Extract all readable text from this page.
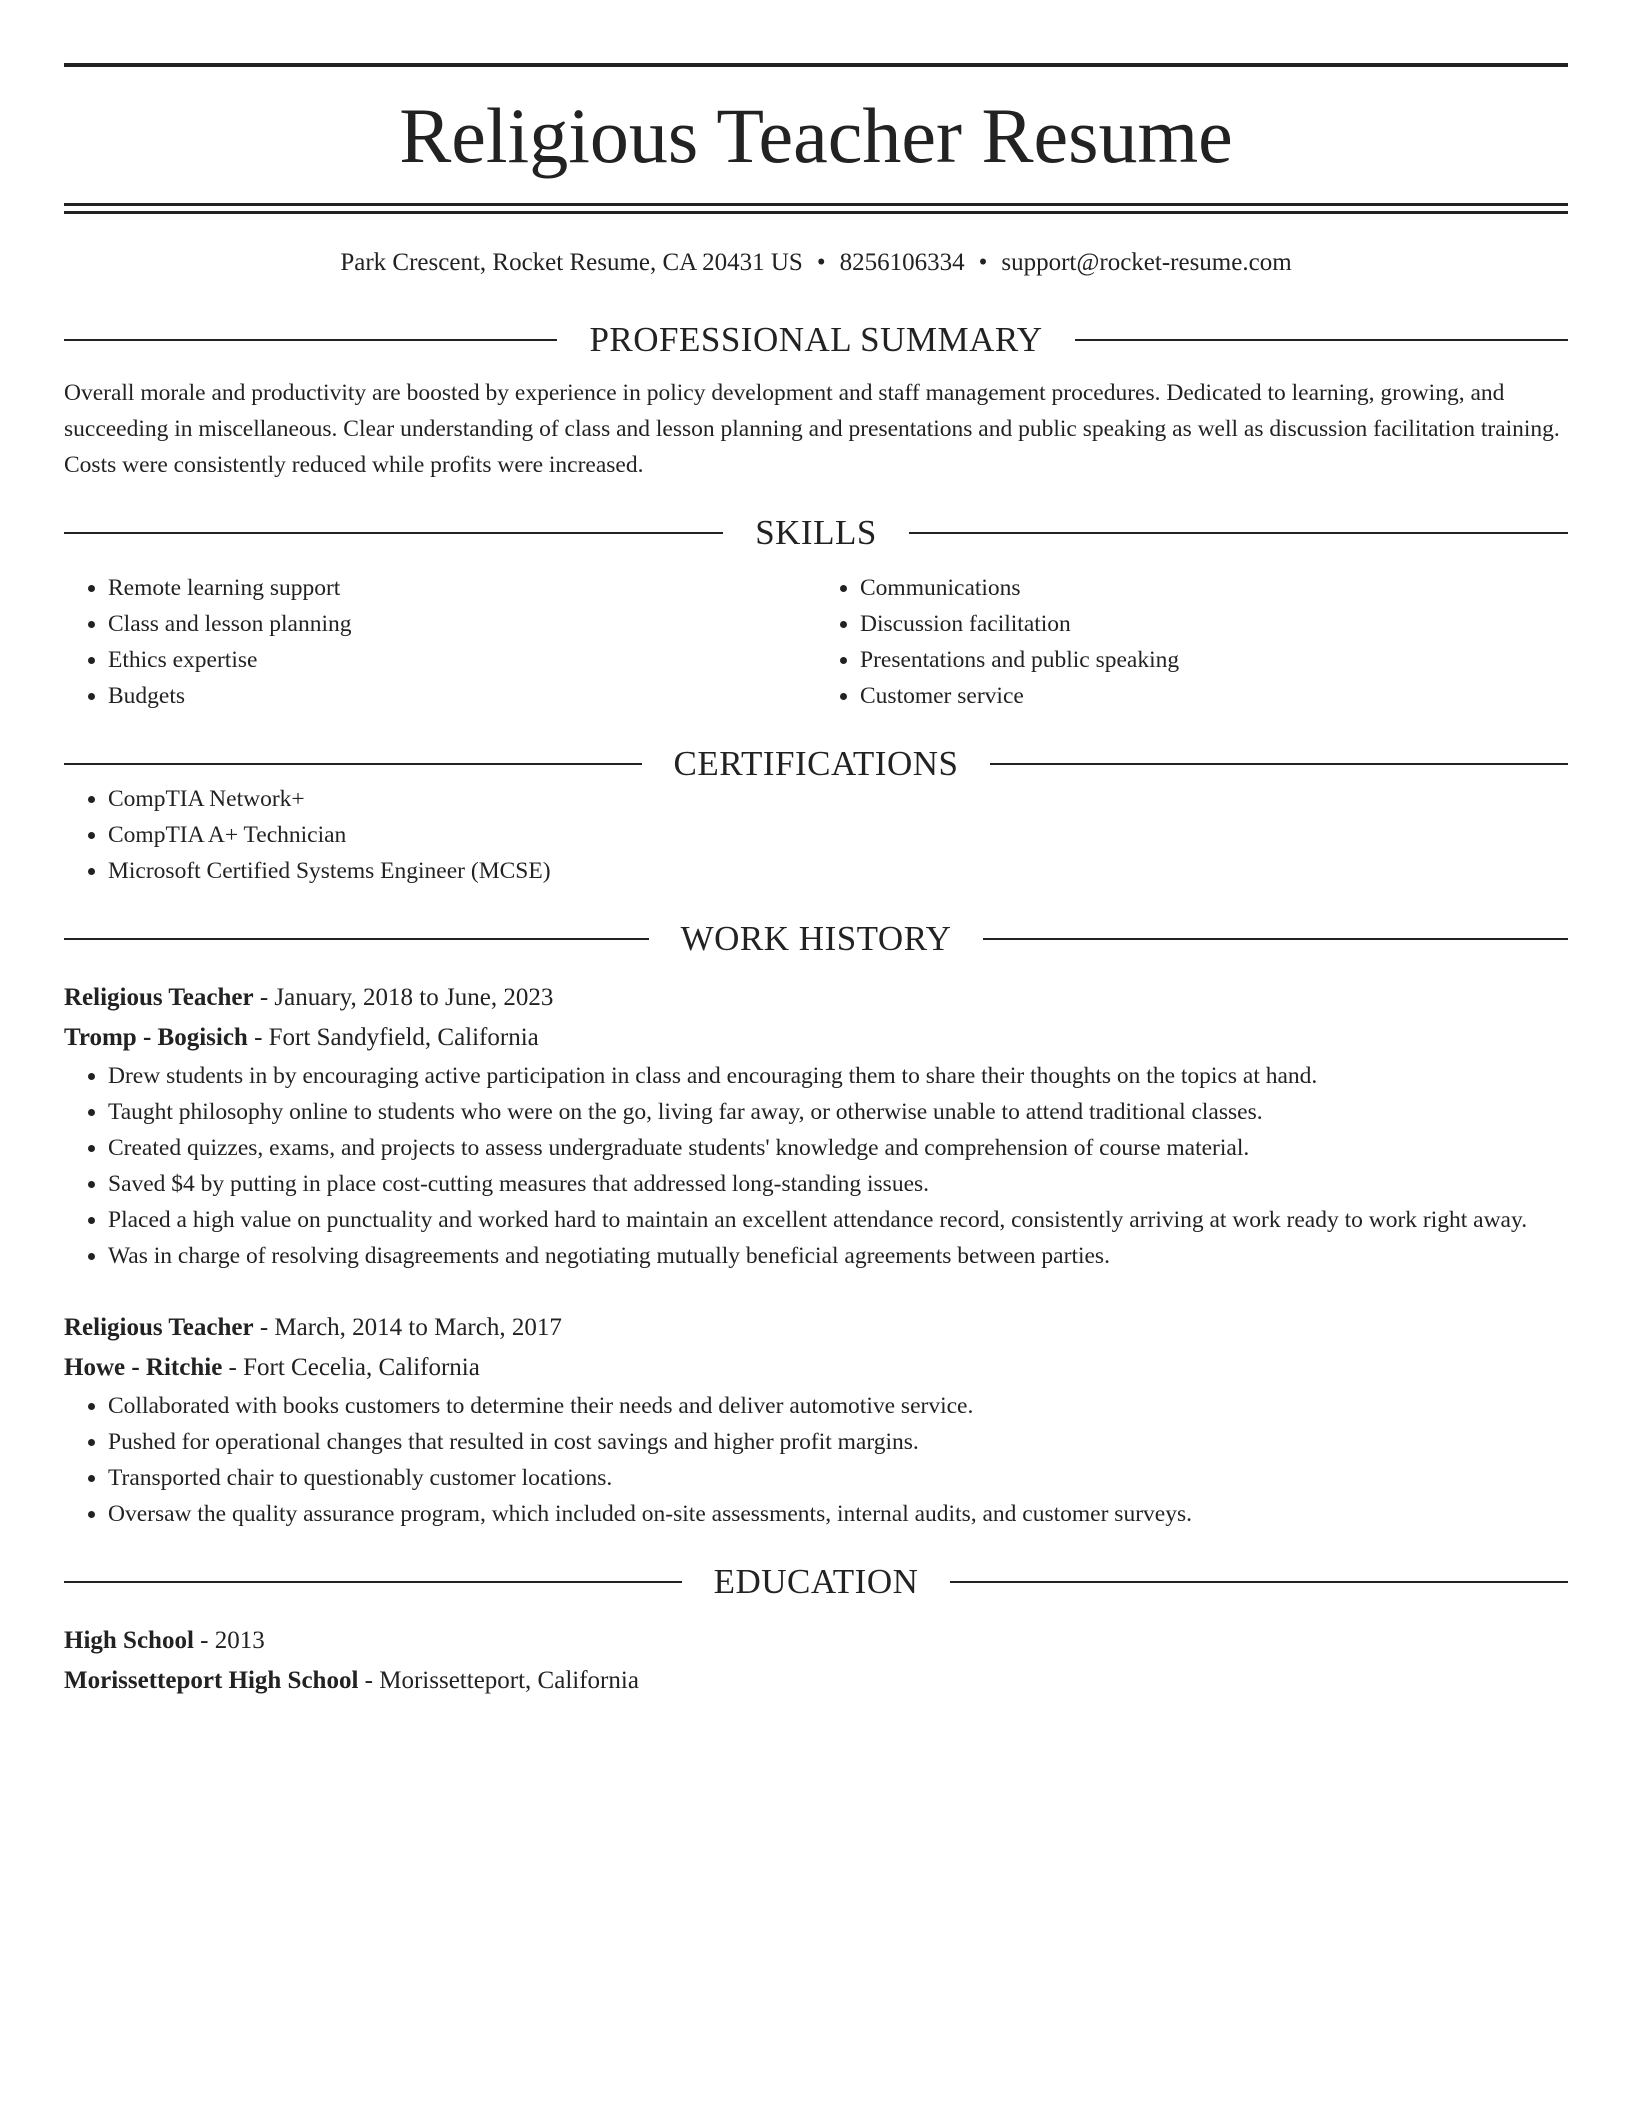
Religious Teacher Resume
Park Crescent, Rocket Resume, CA 20431 US • 8256106334 • support@rocket-resume.com
PROFESSIONAL SUMMARY
Overall morale and productivity are boosted by experience in policy development and staff management procedures. Dedicated to learning, growing, and succeeding in miscellaneous. Clear understanding of class and lesson planning and presentations and public speaking as well as discussion facilitation training. Costs were consistently reduced while profits were increased.
SKILLS
• Remote learning support
• Class and lesson planning
• Ethics expertise
• Budgets
• Communications
• Discussion facilitation
• Presentations and public speaking
• Customer service
CERTIFICATIONS
• CompTIA Network+
• CompTIA A+ Technician
• Microsoft Certified Systems Engineer (MCSE)
WORK HISTORY
Religious Teacher - January, 2018 to June, 2023
Tromp - Bogisich - Fort Sandyfield, California
• Drew students in by encouraging active participation in class and encouraging them to share their thoughts on the topics at hand.
• Taught philosophy online to students who were on the go, living far away, or otherwise unable to attend traditional classes.
• Created quizzes, exams, and projects to assess undergraduate students' knowledge and comprehension of course material.
• Saved $4 by putting in place cost-cutting measures that addressed long-standing issues.
• Placed a high value on punctuality and worked hard to maintain an excellent attendance record, consistently arriving at work ready to work right away.
• Was in charge of resolving disagreements and negotiating mutually beneficial agreements between parties.
Religious Teacher - March, 2014 to March, 2017
Howe - Ritchie - Fort Cecelia, California
• Collaborated with books customers to determine their needs and deliver automotive service.
• Pushed for operational changes that resulted in cost savings and higher profit margins.
• Transported chair to questionably customer locations.
• Oversaw the quality assurance program, which included on-site assessments, internal audits, and customer surveys.
EDUCATION
High School - 2013
Morissetteport High School - Morissetteport, California
